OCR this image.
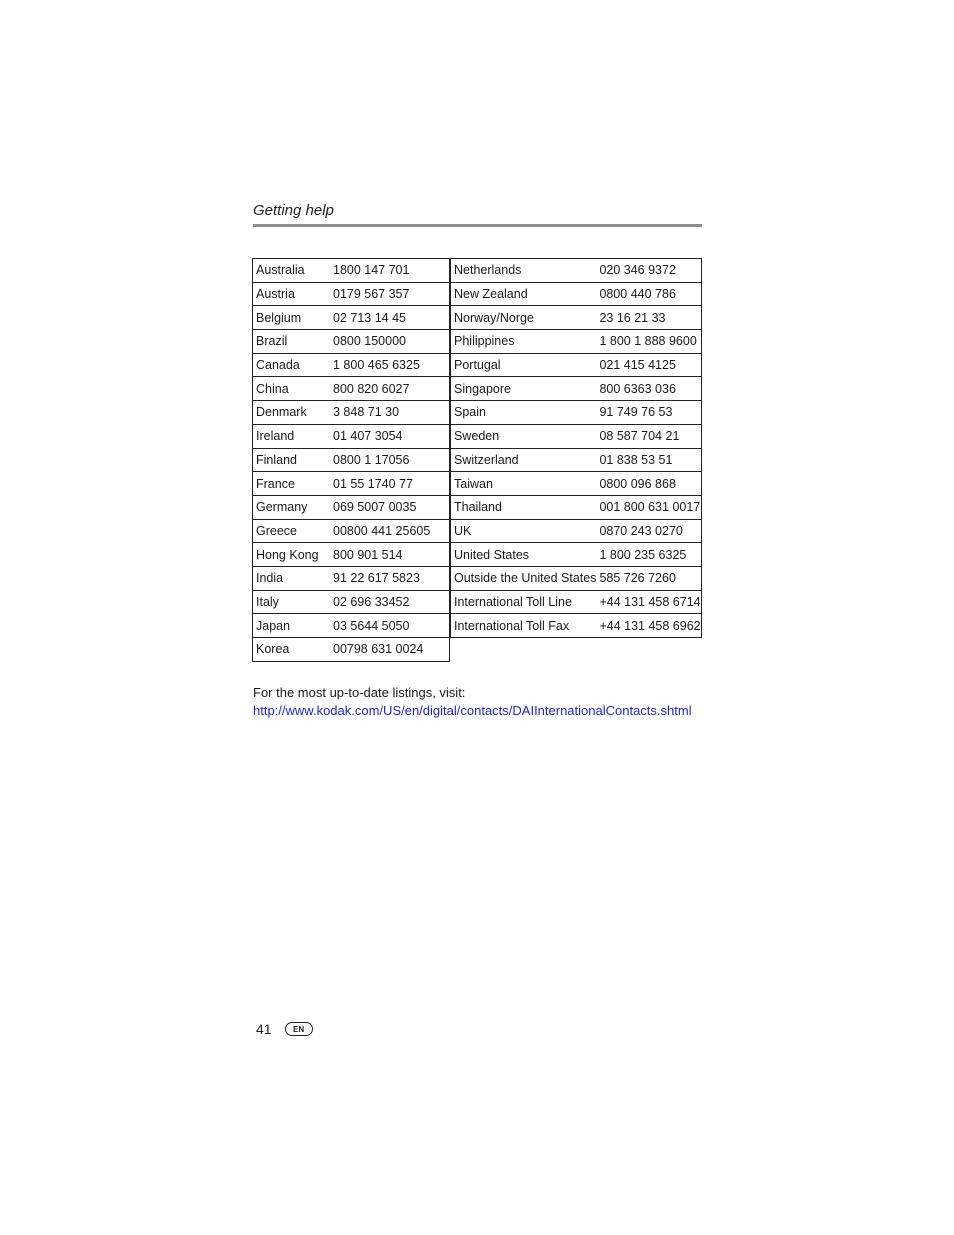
Getting help
Australia	1800 147 701
Austria	0179 567 357
Belgium	02 713 14 45
Brazil	0800 150000
Canada	1 800 465 6325
China	800 820 6027
Denmark	3 848 71 30
Ireland	01 407 3054
Finland	0800 1 17056
France	01 55 1740 77
Germany	069 5007 0035
Greece	00800 441 25605
Hong Kong	800 901 514
India	91 22 617 5823
Italy	02 696 33452
Japan	03 5644 5050
Korea	00798 631 0024
Netherlands	020 346 9372
New Zealand	0800 440 786
Norway/Norge	23 16 21 33
Philippines	1 800 1 888 9600
Portugal	021 415 4125
Singapore	800 6363 036
Spain	91 749 76 53
Sweden	08 587 704 21
Switzerland	01 838 53 51
Taiwan	0800 096 868
Thailand	001 800 631 0017
UK	0870 243 0270
United States	1 800 235 6325
Outside the United States	585 726 7260
International Toll Line	+44 131 458 6714
International Toll Fax	+44 131 458 6962
For the most up-to-date listings, visit:
http://www.kodak.com/US/en/digital/contacts/DAIInternationalContacts.shtml
41	EN
